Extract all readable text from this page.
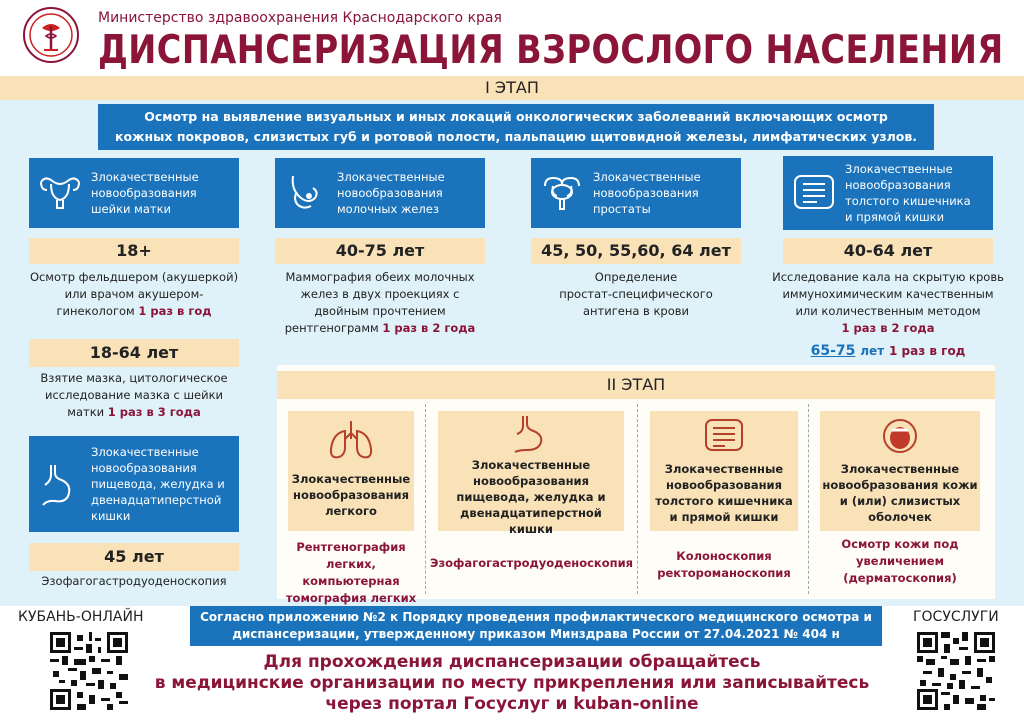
Министерство здравоохранения Краснодарского края
ДИСПАНСЕРИЗАЦИЯ ВЗРОСЛОГО НАСЕЛЕНИЯ
I ЭТАП
Осмотр на выявление визуальных и иных локаций онкологических заболеваний включающих осмотр
кожных покровов, слизистых губ и ротовой полости, пальпацию щитовидной железы, лимфатических узлов.
Злокачественные
новообразования
шейки матки
18+
Осмотр фельдшером (акушеркой)
или врачом акушером-
гинекологом 1 раз в год
18-64 лет
Взятие мазка, цитологическое
исследование мазка с шейки
матки 1 раз в 3 года
Злокачественные
новообразования
пищевода, желудка и
двенадцатиперстной
кишки
45 лет
Эзофагогастродуоденоскопия
Злокачественные
новообразования
молочных желез
40-75 лет
Маммография обеих молочных
желез в двух проекциях с
двойным прочтением
рентгенограмм 1 раз в 2 года
Злокачественные
новообразования
простаты
45, 50, 55,60, 64 лет
Определение
простат-специфического
антигена в крови
Злокачественные
новообразования
толстого кишечника
и прямой кишки
40-64 лет
Исследование кала на скрытую кровь
иммунохимическим качественным
или количественным методом
1 раз в 2 года
65-75 лет 1 раз в год
II ЭТАП
Злокачественные
новообразования
легкого
Рентгенография
легких, компьютерная
томография легких
Злокачественные
новообразования
пищевода, желудка и
двенадцатиперстной кишки
Эзофагогастродуоденоскопия
Злокачественные
новообразования
толстого кишечника
и прямой кишки
Колоноскопия
ректороманоскопия
Злокачественные
новообразования кожи
и (или) слизистых
оболочек
Осмотр кожи под
увеличением
(дерматоскопия)
КУБАНЬ-ОНЛАЙН	ГОСУСЛУГИ
Согласно приложению №2 к Порядку проведения профилактического медицинского осмотра и
диспансеризации, утвержденному приказом Минздрава России от 27.04.2021 № 404 н
Для прохождения диспансеризации обращайтесь
в медицинские организации по месту прикрепления или записывайтесь
через портал Госуслуг и kuban-online
